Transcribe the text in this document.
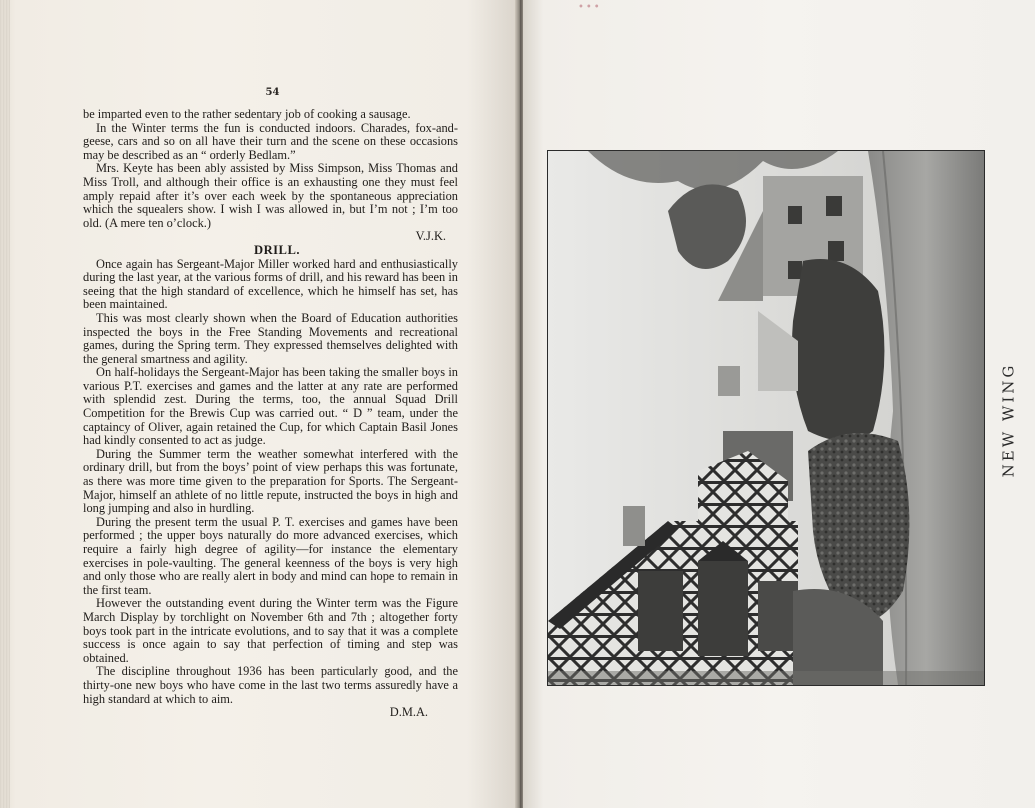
54

be imparted even to the rather sedentary job of cooking a sausage.

In the Winter terms the fun is conducted indoors. Charades, fox-and-geese, cars and so on all have their turn and the scene on these occasions may be described as an “ orderly Bedlam.”

Mrs. Keyte has been ably assisted by Miss Simpson, Miss Thomas and Miss Troll, and although their office is an exhausting one they must feel amply repaid after it’s over each week by the spontaneous appreciation which the squealers show. I wish I was allowed in, but I’m not ; I’m too old. (A mere ten o’clock.)

V.J.K.

DRILL.

Once again has Sergeant-Major Miller worked hard and enthusiastically during the last year, at the various forms of drill, and his reward has been in seeing that the high standard of excellence, which he himself has set, has been maintained.

This was most clearly shown when the Board of Education authorities inspected the boys in the Free Standing Movements and recreational games, during the Spring term. They expressed themselves delighted with the general smartness and agility.

On half-holidays the Sergeant-Major has been taking the smaller boys in various P.T. exercises and games and the latter at any rate are performed with splendid zest. During the terms, too, the annual Squad Drill Competition for the Brewis Cup was carried out. “ D ” team, under the captaincy of Oliver, again retained the Cup, for which Captain Basil Jones had kindly consented to act as judge.

During the Summer term the weather somewhat interfered with the ordinary drill, but from the boys’ point of view perhaps this was fortunate, as there was more time given to the preparation for Sports. The Sergeant-Major, himself an athlete of no little repute, instructed the boys in high and long jumping and also in hurdling.

During the present term the usual P. T. exercises and games have been performed ; the upper boys naturally do more advanced exercises, which require a fairly high degree of agility—for instance the elementary exercises in pole-vaulting. The general keenness of the boys is very high and only those who are really alert in body and mind can hope to remain in the first team.

However the outstanding event during the Winter term was the Figure March Display by torchlight on November 6th and 7th ; altogether forty boys took part in the intricate evolutions, and to say that it was a complete success is once again to say that perfection of timing and step was obtained.

The discipline throughout 1936 has been particularly good, and the thirty-one new boys who have come in the last two terms assuredly have a high standard at which to aim.

D.M.A.

•••
NEW WING
